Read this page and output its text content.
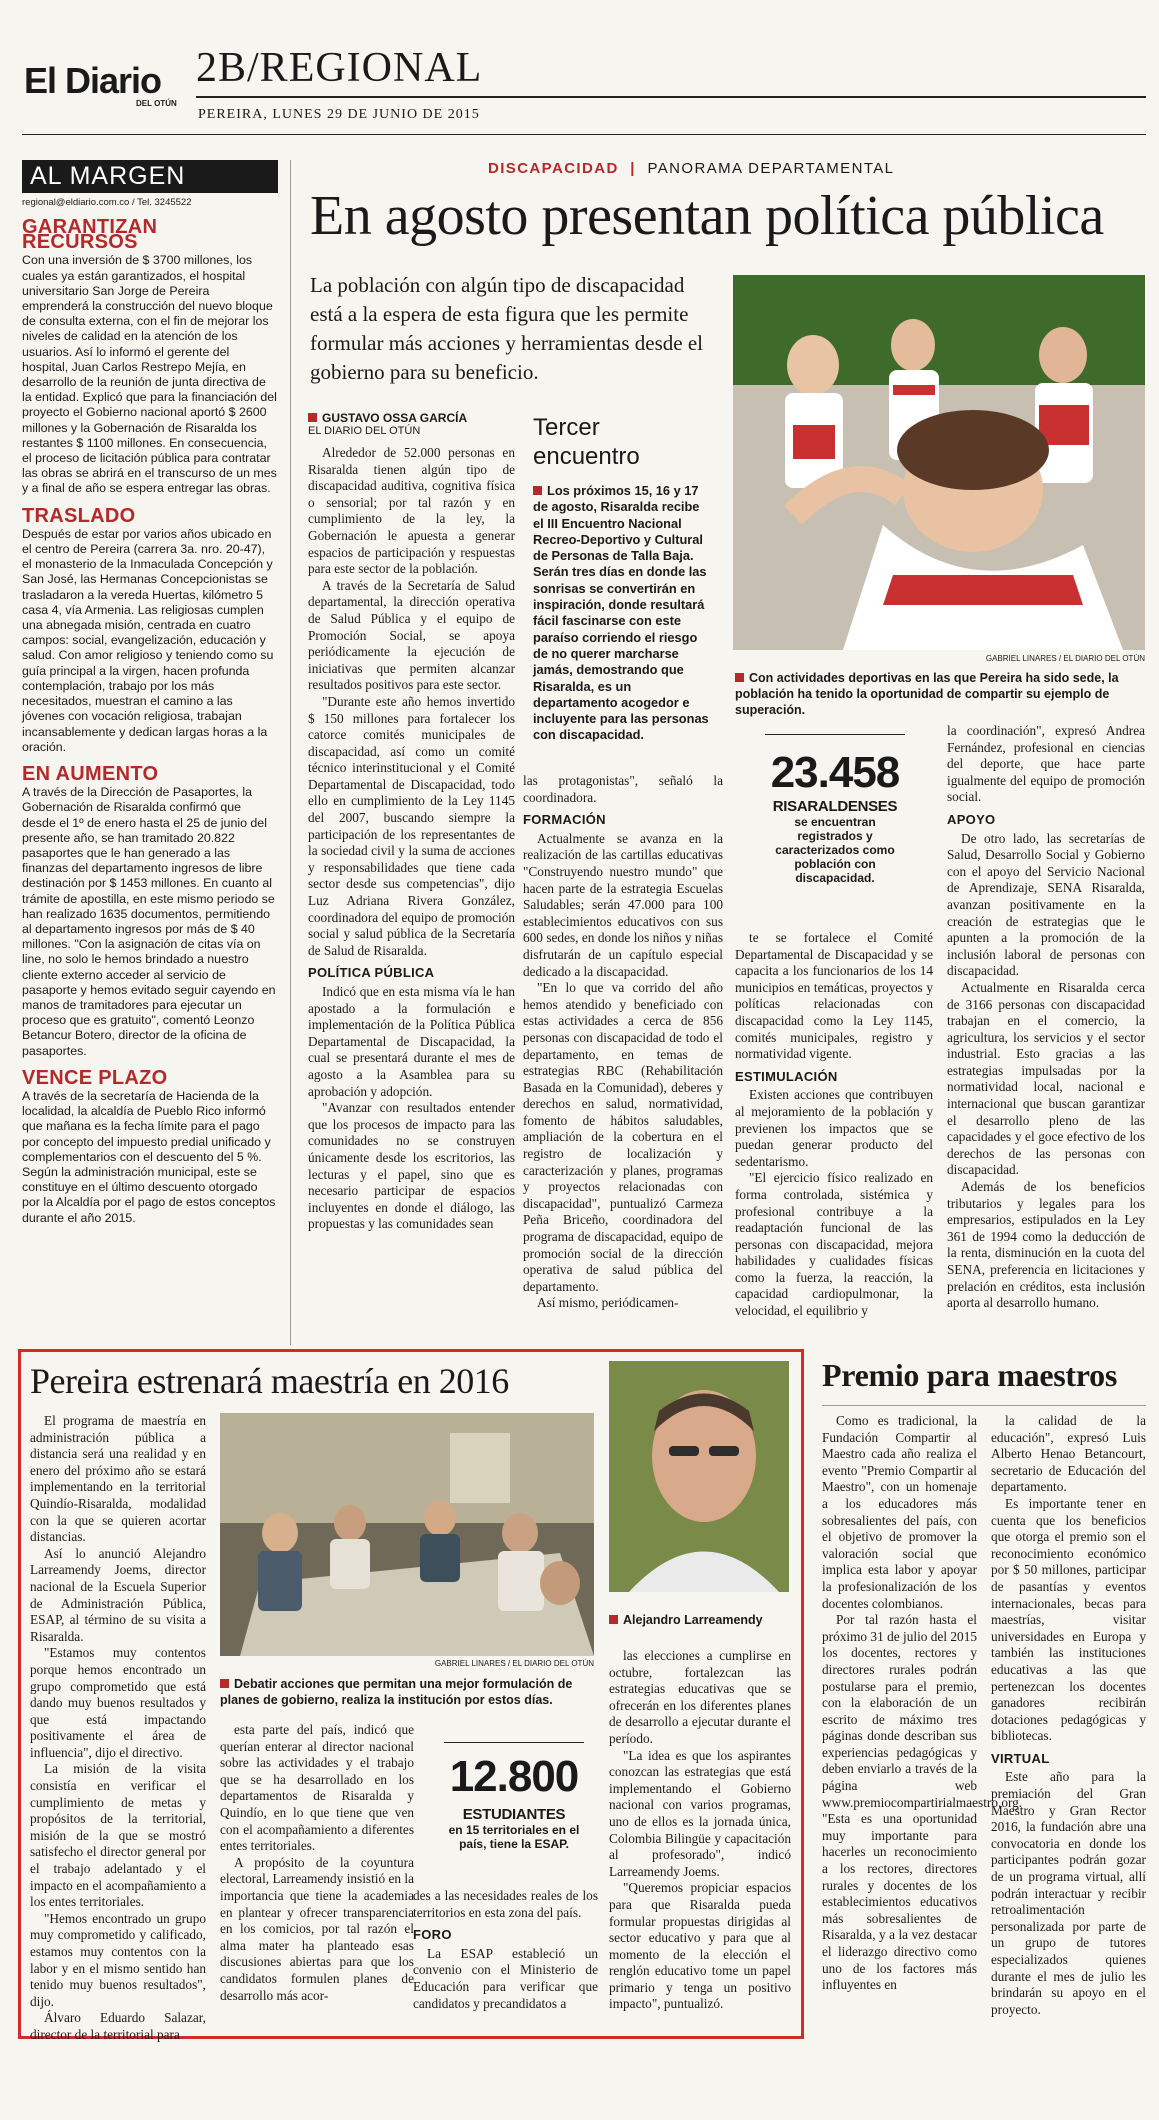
El Diario
DEL OTÚN
2B/REGIONAL
PEREIRA, LUNES 29 DE JUNIO DE 2015
AL MARGEN
regional@eldiario.com.co / Tel. 3245522
GARANTIZAN RECURSOS

Con una inversión de $ 3700 millones, los cuales ya están garantizados, el hospital universitario San Jorge de Pereira emprenderá la construcción del nuevo bloque de consulta externa, con el fin de mejorar los niveles de calidad en la atención de los usuarios. Así lo informó el gerente del hospital, Juan Carlos Restrepo Mejía, en desarrollo de la reunión de junta directiva de la entidad. Explicó que para la financiación del proyecto el Gobierno nacional aportó $ 2600 millones y la Gobernación de Risaralda los restantes $ 1100 millones. En consecuencia, el proceso de licitación pública para contratar las obras se abrirá en el transcurso de un mes y a final de año se espera entregar las obras.

TRASLADO

Después de estar por varios años ubicado en el centro de Pereira (carrera 3a. nro. 20-47), el monasterio de la Inmaculada Concepción y San José, las Hermanas Concepcionistas se trasladaron a la vereda Huertas, kilómetro 5 casa 4, vía Armenia. Las religiosas cumplen una abnegada misión, centrada en cuatro campos: social, evangelización, educación y salud. Con amor religioso y teniendo como su guía principal a la virgen, hacen profunda contemplación, trabajo por los más necesitados, muestran el camino a las jóvenes con vocación religiosa, trabajan incansablemente y dedican largas horas a la oración.

EN AUMENTO

A través de la Dirección de Pasaportes, la Gobernación de Risaralda confirmó que desde el 1º de enero hasta el 25 de junio del presente año, se han tramitado 20.822 pasaportes que le han generado a las finanzas del departamento ingresos de libre destinación por $ 1453 millones. En cuanto al trámite de apostilla, en este mismo periodo se han realizado 1635 documentos, permitiendo al departamento ingresos por más de $ 40 millones. "Con la asignación de citas vía on line, no solo le hemos brindado a nuestro cliente externo acceder al servicio de pasaporte y hemos evitado seguir cayendo en manos de tramitadores para ejecutar un proceso que es gratuito", comentó Leonzo Betancur Botero, director de la oficina de pasaportes.

VENCE PLAZO

A través de la secretaría de Hacienda de la localidad, la alcaldía de Pueblo Rico informó que mañana es la fecha límite para el pago por concepto del impuesto predial unificado y complementarios con el descuento del 5 %. Según la administración municipal, este se constituye en el último descuento otorgado por la Alcaldía por el pago de estos conceptos durante el año 2015.

DISCAPACIDAD | PANORAMA DEPARTAMENTAL
En agosto presentan política pública
La población con algún tipo de discapacidad está a la espera de esta figura que les permite formular más acciones y herramientas desde el gobierno para su beneficio.
GUSTAVO OSSA GARCÍA
EL DIARIO DEL OTÚN

Alrededor de 52.000 personas en Risaralda tienen algún tipo de discapacidad auditiva, cognitiva física o sensorial; por tal razón y en cumplimiento de la ley, la Gobernación le apuesta a generar espacios de participación y respuestas para este sector de la población.

A través de la Secretaría de Salud departamental, la dirección operativa de Salud Pública y el equipo de Promoción Social, se apoya periódicamente la ejecución de iniciativas que permiten alcanzar resultados positivos para este sector.

"Durante este año hemos invertido $ 150 millones para fortalecer los catorce comités municipales de discapacidad, así como un comité técnico interinstitucional y el Comité Departamental de Discapacidad, todo ello en cumplimiento de la Ley 1145 del 2007, buscando siempre la participación de los representantes de la sociedad civil y la suma de acciones y responsabilidades que tiene cada sector desde sus competencias", dijo Luz Adriana Rivera González, coordinadora del equipo de promoción social y salud pública de la Secretaría de Salud de Risaralda.

POLÍTICA PÚBLICA

Indicó que en esta misma vía le han apostado a la formulación e implementación de la Política Pública Departamental de Discapacidad, la cual se presentará durante el mes de agosto a la Asamblea para su aprobación y adopción.

"Avanzar con resultados entender que los procesos de impacto para las comunidades no se construyen únicamente desde los escritorios, las lecturas y el papel, sino que es necesario participar de espacios incluyentes en donde el diálogo, las propuestas y las comunidades sean

Tercer encuentro
Los próximos 15, 16 y 17 de agosto, Risaralda recibe el III Encuentro Nacional Recreo-Deportivo y Cultural de Personas de Talla Baja. Serán tres días en donde las sonrisas se convertirán en inspiración, donde resultará fácil fascinarse con este paraíso corriendo el riesgo de no querer marcharse jamás, demostrando que Risaralda, es un departamento acogedor e incluyente para las personas con discapacidad.

las protagonistas", señaló la coordinadora.

FORMACIÓN

Actualmente se avanza en la realización de las cartillas educativas "Construyendo nuestro mundo" que hacen parte de la estrategia Escuelas Saludables; serán 47.000 para 100 establecimientos educativos con sus 600 sedes, en donde los niños y niñas disfrutarán de un capítulo especial dedicado a la discapacidad.

"En lo que va corrido del año hemos atendido y beneficiado con estas actividades a cerca de 856 personas con discapacidad de todo el departamento, en temas de estrategias RBC (Rehabilitación Basada en la Comunidad), deberes y derechos en salud, normatividad, fomento de hábitos saludables, ampliación de la cobertura en el registro de localización y caracterización y planes, programas y proyectos relacionadas con discapacidad", puntualizó Carmeza Peña Briceño, coordinadora del programa de discapacidad, equipo de promoción social de la dirección operativa de salud pública del departamento.

Así mismo, periódicamen-

GABRIEL LINARES / EL DIARIO DEL OTÚN
Con actividades deportivas en las que Pereira ha sido sede, la población ha tenido la oportunidad de compartir su ejemplo de superación.
23.458
RISARALDENSES
se encuentran registrados y caracterizados como población con discapacidad.

te se fortalece el Comité Departamental de Discapacidad y se capacita a los funcionarios de los 14 municipios en temáticas, proyectos y políticas relacionadas con discapacidad como la Ley 1145, comités municipales, registro y normatividad vigente.

ESTIMULACIÓN

Existen acciones que contribuyen al mejoramiento de la población y previenen los impactos que se puedan generar producto del sedentarismo.

"El ejercicio físico realizado en forma controlada, sistémica y profesional contribuye a la readaptación funcional de las personas con discapacidad, mejora habilidades y cualidades físicas como la fuerza, la reacción, la capacidad cardiopulmonar, la velocidad, el equilibrio y

la coordinación", expresó Andrea Fernández, profesional en ciencias del deporte, que hace parte igualmente del equipo de promoción social.

APOYO

De otro lado, las secretarías de Salud, Desarrollo Social y Gobierno con el apoyo del Servicio Nacional de Aprendizaje, SENA Risaralda, avanzan positivamente en la creación de estrategias que le apunten a la promoción de la inclusión laboral de personas con discapacidad.

Actualmente en Risaralda cerca de 3166 personas con discapacidad trabajan en el comercio, la agricultura, los servicios y el sector industrial. Esto gracias a las estrategias impulsadas por la normatividad local, nacional e internacional que buscan garantizar el desarrollo pleno de las capacidades y el goce efectivo de los derechos de las personas con discapacidad.

Además de los beneficios tributarios y legales para los empresarios, estipulados en la Ley 361 de 1994 como la deducción de la renta, disminución en la cuota del SENA, preferencia en licitaciones y prelación en créditos, esta inclusión aporta al desarrollo humano.

Pereira estrenará maestría en 2016

El programa de maestría en administración pública a distancia será una realidad y en enero del próximo año se estará implementando en la territorial Quindío-Risaralda, modalidad con la que se quieren acortar distancias.

Así lo anunció Alejandro Larreamendy Joems, director nacional de la Escuela Superior de Administración Pública, ESAP, al término de su visita a Risaralda.

"Estamos muy contentos porque hemos encontrado un grupo comprometido que está dando muy buenos resultados y que está impactando positivamente el área de influencia", dijo el directivo.

La misión de la visita consistía en verificar el cumplimiento de metas y propósitos de la territorial, misión de la que se mostró satisfecho el director general por el trabajo adelantado y el impacto en el acompañamiento a los entes territoriales.

"Hemos encontrado un grupo muy comprometido y calificado, estamos muy contentos con la labor y en el mismo sentido han tenido muy buenos resultados", dijo.

Álvaro Eduardo Salazar, director de la territorial para

GABRIEL LINARES / EL DIARIO DEL OTÚN
Debatir acciones que permitan una mejor formulación de planes de gobierno, realiza la institución por estos días.
Alejandro Larreamendy

esta parte del país, indicó que querían enterar al director nacional sobre las actividades y el trabajo que se ha desarrollado en los departamentos de Risaralda y Quindío, en lo que tiene que ven con el acompañamiento a diferentes entes territoriales.

A propósito de la coyuntura electoral, Larreamendy insistió en la importancia que tiene la academia en plantear y ofrecer transparencia en los comicios, por tal razón el alma mater ha planteado esas discusiones abiertas para que los candidatos formulen planes de desarrollo más acor-

12.800
ESTUDIANTES
en 15 territoriales en el país, tiene la ESAP.

des a las necesidades reales de los territorios en esta zona del país.

FORO

La ESAP estableció un convenio con el Ministerio de Educación para verificar que candidatos y precandidatos a

las elecciones a cumplirse en octubre, fortalezcan las estrategias educativas que se ofrecerán en los diferentes planes de desarrollo a ejecutar durante el período.

"La idea es que los aspirantes conozcan las estrategias que está implementando el Gobierno nacional con varios programas, uno de ellos es la jornada única, Colombia Bilingüe y capacitación al profesorado", indicó Larreamendy Joems.

"Queremos propiciar espacios para que Risaralda pueda formular propuestas dirigidas al sector educativo y para que al momento de la elección el renglón educativo tome un papel primario y tenga un positivo impacto", puntualizó.

Premio para maestros

Como es tradicional, la Fundación Compartir al Maestro cada año realiza el evento "Premio Compartir al Maestro", con un homenaje a los educadores más sobresalientes del país, con el objetivo de promover la valoración social que implica esta labor y apoyar la profesionalización de los docentes colombianos.

Por tal razón hasta el próximo 31 de julio del 2015 los docentes, rectores y directores rurales podrán postularse para el premio, con la elaboración de un escrito de máximo tres páginas donde describan sus experiencias pedagógicas y deben enviarlo a través de la página web www.premiocompartirialmaestro.org. "Esta es una oportunidad muy importante para hacerles un reconocimiento a los rectores, directores rurales y docentes de los establecimientos educativos más sobresalientes de Risaralda, y a la vez destacar el liderazgo directivo como uno de los factores más influyentes en

la calidad de la educación", expresó Luis Alberto Henao Betancourt, secretario de Educación del departamento.

Es importante tener en cuenta que los beneficios que otorga el premio son el reconocimiento económico por $ 50 millones, participar de pasantías y eventos internacionales, becas para maestrías, visitar universidades en Europa y también las instituciones educativas a las que pertenezcan los docentes ganadores recibirán dotaciones pedagógicas y bibliotecas.

VIRTUAL

Este año para la premiación del Gran Maestro y Gran Rector 2016, la fundación abre una convocatoria en donde los participantes podrán gozar de un programa virtual, allí podrán interactuar y recibir retroalimentación personalizada por parte de un grupo de tutores especializados quienes durante el mes de julio les brindarán su apoyo en el proyecto.
